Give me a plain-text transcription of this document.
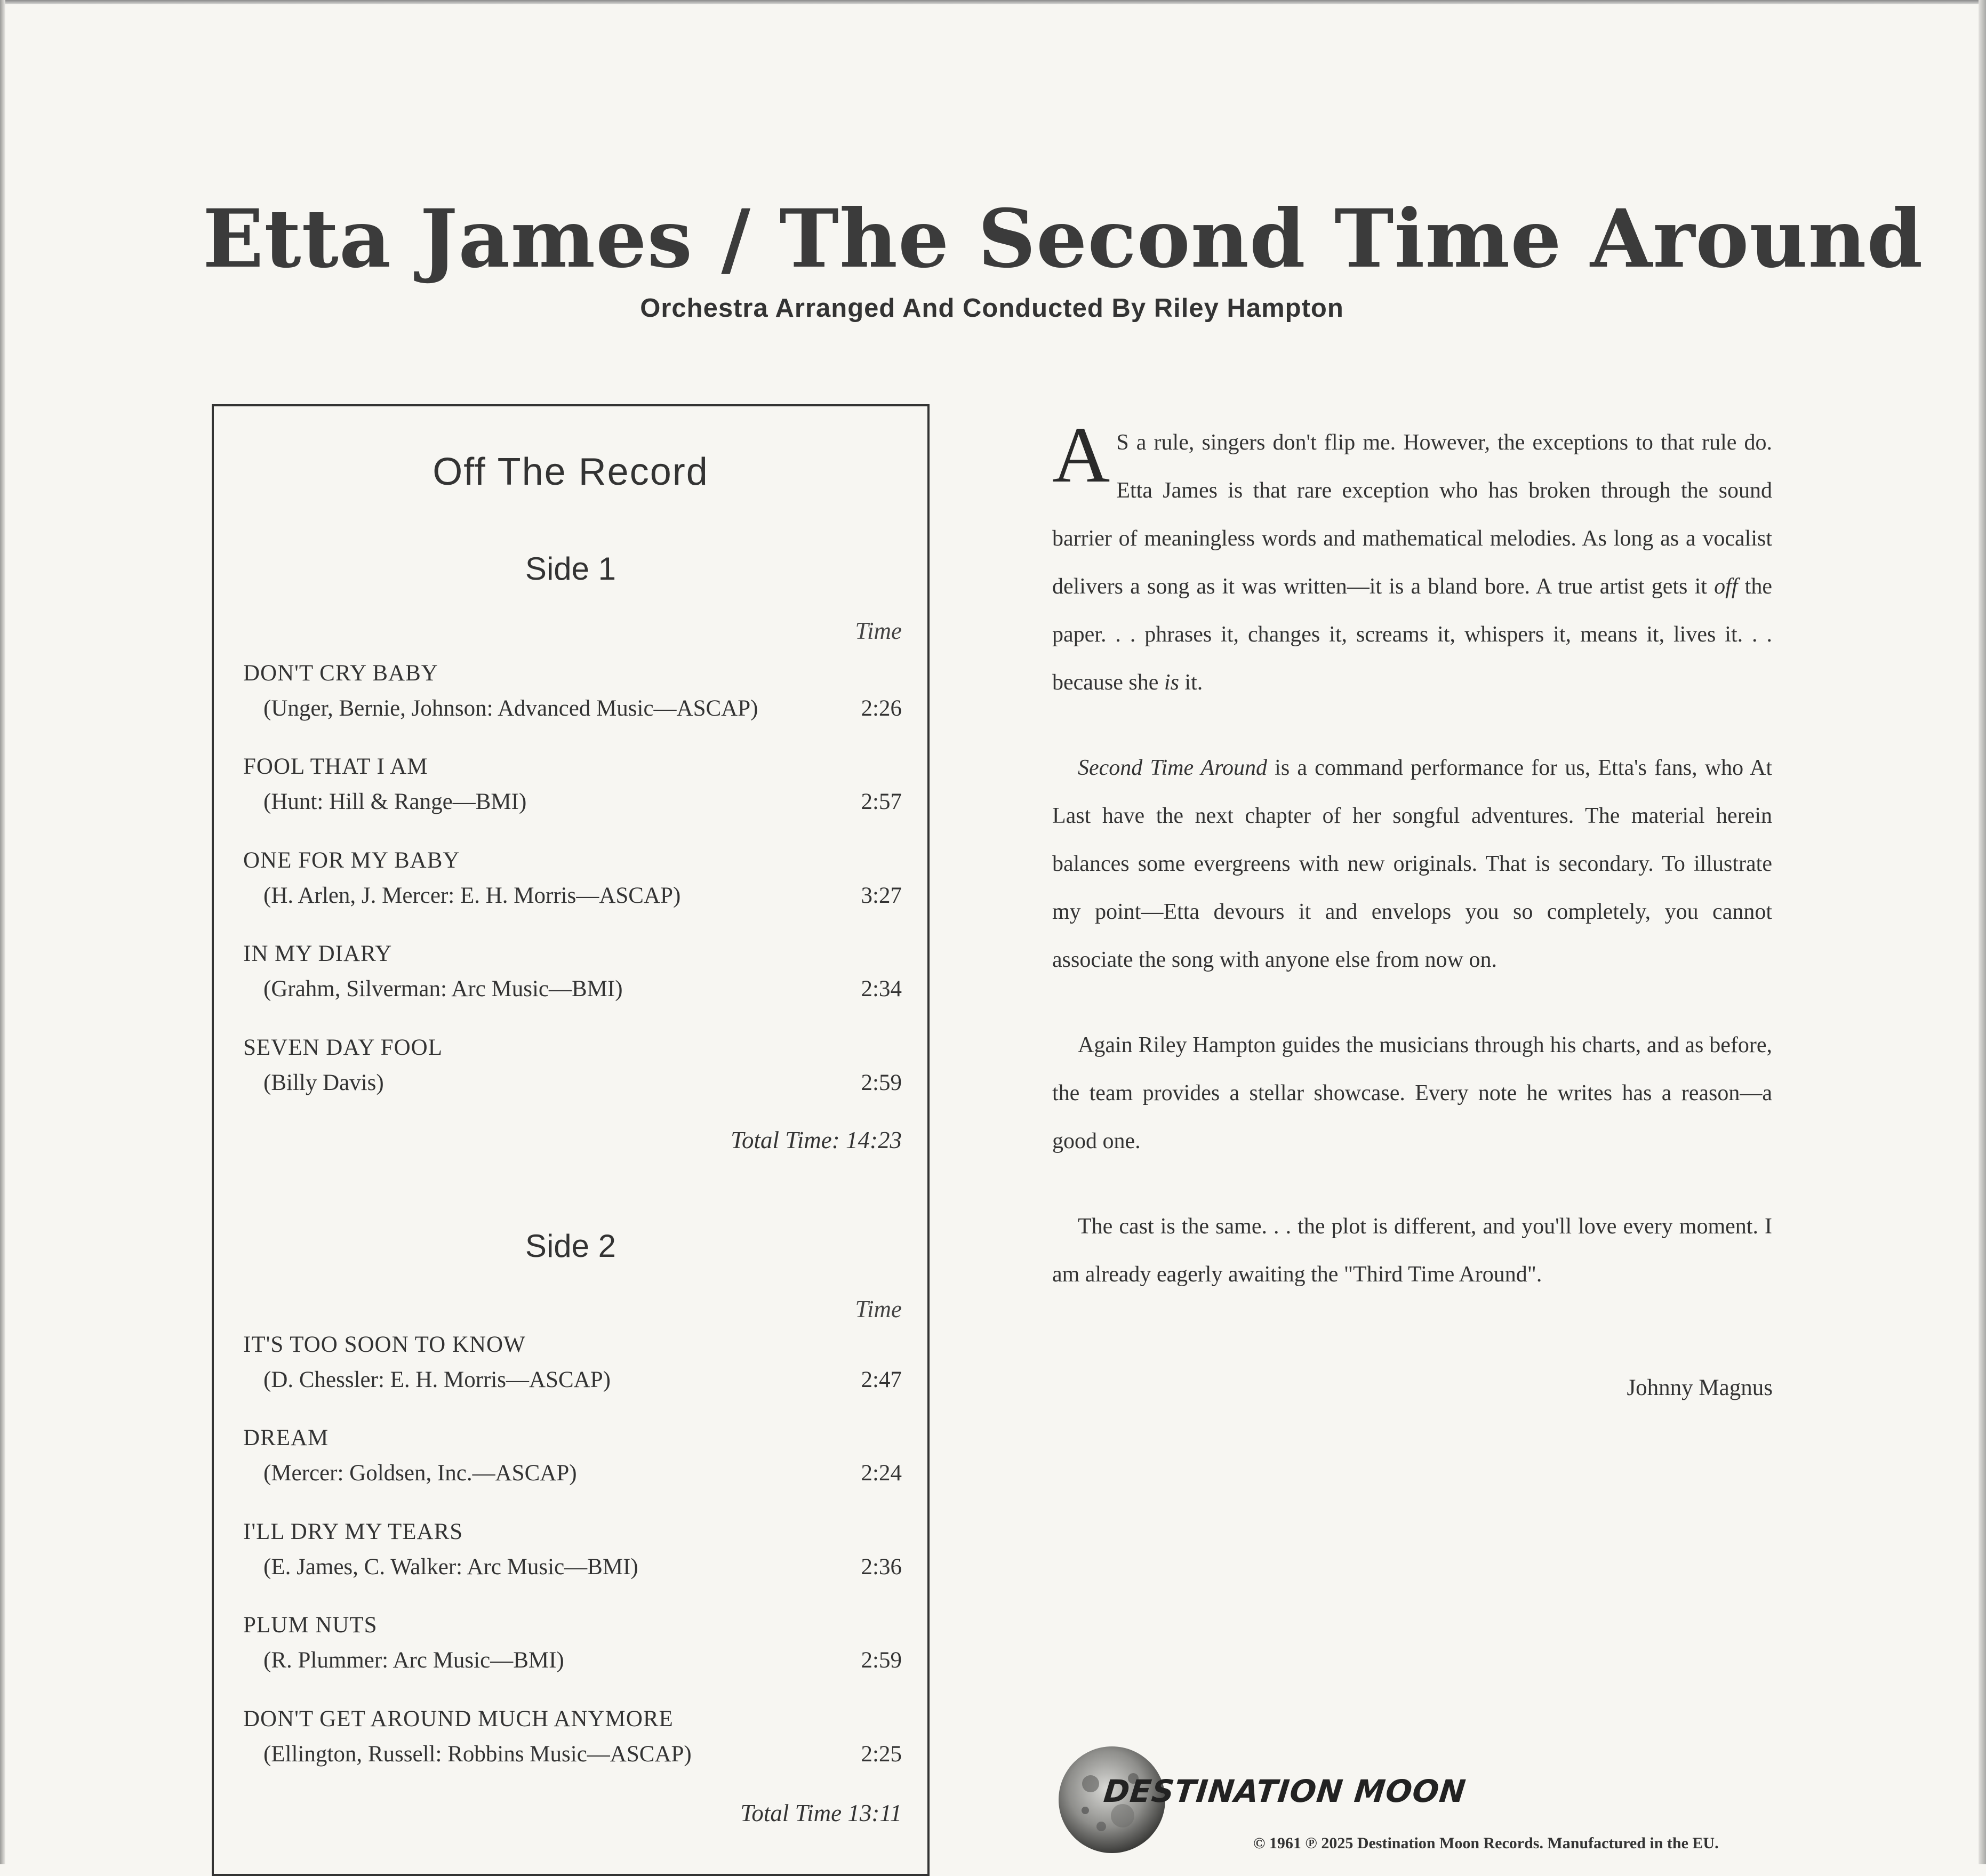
Etta James / The Second Time Around
Orchestra Arranged And Conducted By Riley Hampton
Off The Record
Side 1
Time
DON'T CRY BABY
(Unger, Bernie, Johnson: Advanced Music—ASCAP)	2:26
FOOL THAT I AM
(Hunt: Hill & Range—BMI)	2:57
ONE FOR MY BABY
(H. Arlen, J. Mercer: E. H. Morris—ASCAP)	3:27
IN MY DIARY
(Grahm, Silverman: Arc Music—BMI)	2:34
SEVEN DAY FOOL
(Billy Davis)	2:59
Total Time: 14:23
Side 2
Time
IT'S TOO SOON TO KNOW
(D. Chessler: E. H. Morris—ASCAP)	2:47
DREAM
(Mercer: Goldsen, Inc.—ASCAP)	2:24
I'LL DRY MY TEARS
(E. James, C. Walker: Arc Music—BMI)	2:36
PLUM NUTS
(R. Plummer: Arc Music—BMI)	2:59
DON'T GET AROUND MUCH ANYMORE
(Ellington, Russell: Robbins Music—ASCAP)	2:25
Total Time 13:11

A S a rule, singers don't flip me. However, the exceptions to that rule do. Etta James is that rare exception who has broken through the sound barrier of meaningless words and mathematical melodies. As long as a vocalist delivers a song as it was written—it is a bland bore. A true artist gets it off the paper. . . phrases it, changes it, screams it, whispers it, means it, lives it. . . because she is it.

Second Time Around is a command performance for us, Etta's fans, who At Last have the next chapter of her songful adventures. The material herein balances some evergreens with new originals. That is secondary. To illustrate my point—Etta devours it and envelops you so completely, you cannot associate the song with anyone else from now on.

Again Riley Hampton guides the musicians through his charts, and as before, the team provides a stellar showcase. Every note he writes has a reason—a good one.

The cast is the same. . . the plot is different, and you'll love every moment. I am already eagerly awaiting the "Third Time Around".

Johnny Magnus
DESTINATION MOON
© 1961 ℗ 2025 Destination Moon Records. Manufactured in the EU.
